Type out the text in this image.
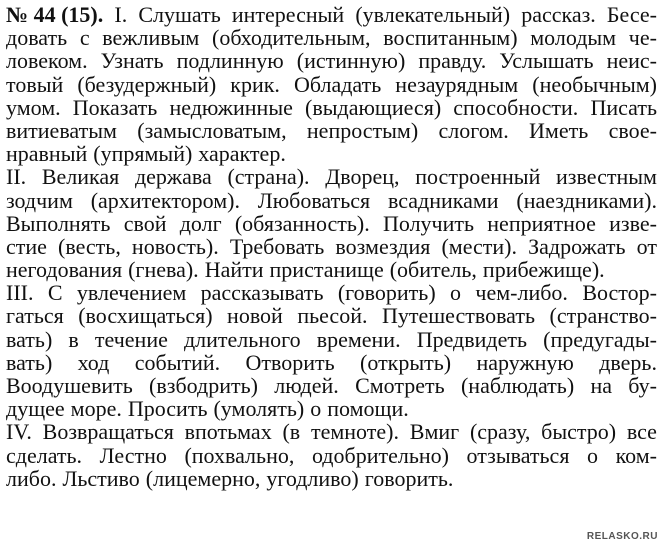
№ 44 (15). I. Слушать интересный (увлекательный) рассказ. Бесе-
довать с вежливым (обходительным, воспитанным) молодым че-
ловеком. Узнать подлинную (истинную) правду. Услышать неис-
товый (безудержный) крик. Обладать незаурядным (необычным)
умом. Показать недюжинные (выдающиеся) способности. Писать
витиеватым (замысловатым, непростым) слогом. Иметь свое-
нравный (упрямый) характер.
II. Великая держава (страна). Дворец, построенный известным
зодчим (архитектором). Любоваться всадниками (наездниками).
Выполнять свой долг (обязанность). Получить неприятное изве-
стие (весть, новость). Требовать возмездия (мести). Задрожать от
негодования (гнева). Найти пристанище (обитель, прибежище).
III. С увлечением рассказывать (говорить) о чем-либо. Востор-
гаться (восхищаться) новой пьесой. Путешествовать (странство-
вать) в течение длительного времени. Предвидеть (предугады-
вать) ход событий. Отворить (открыть) наружную дверь.
Воодушевить (взбодрить) людей. Смотреть (наблюдать) на бу-
дущее море. Просить (умолять) о помощи.
IV. Возвращаться впотьмах (в темноте). Вмиг (сразу, быстро) все
сделать. Лестно (похвально, одобрительно) отзываться о ком-
либо. Льстиво (лицемерно, угодливо) говорить.
RELASKO.RU
